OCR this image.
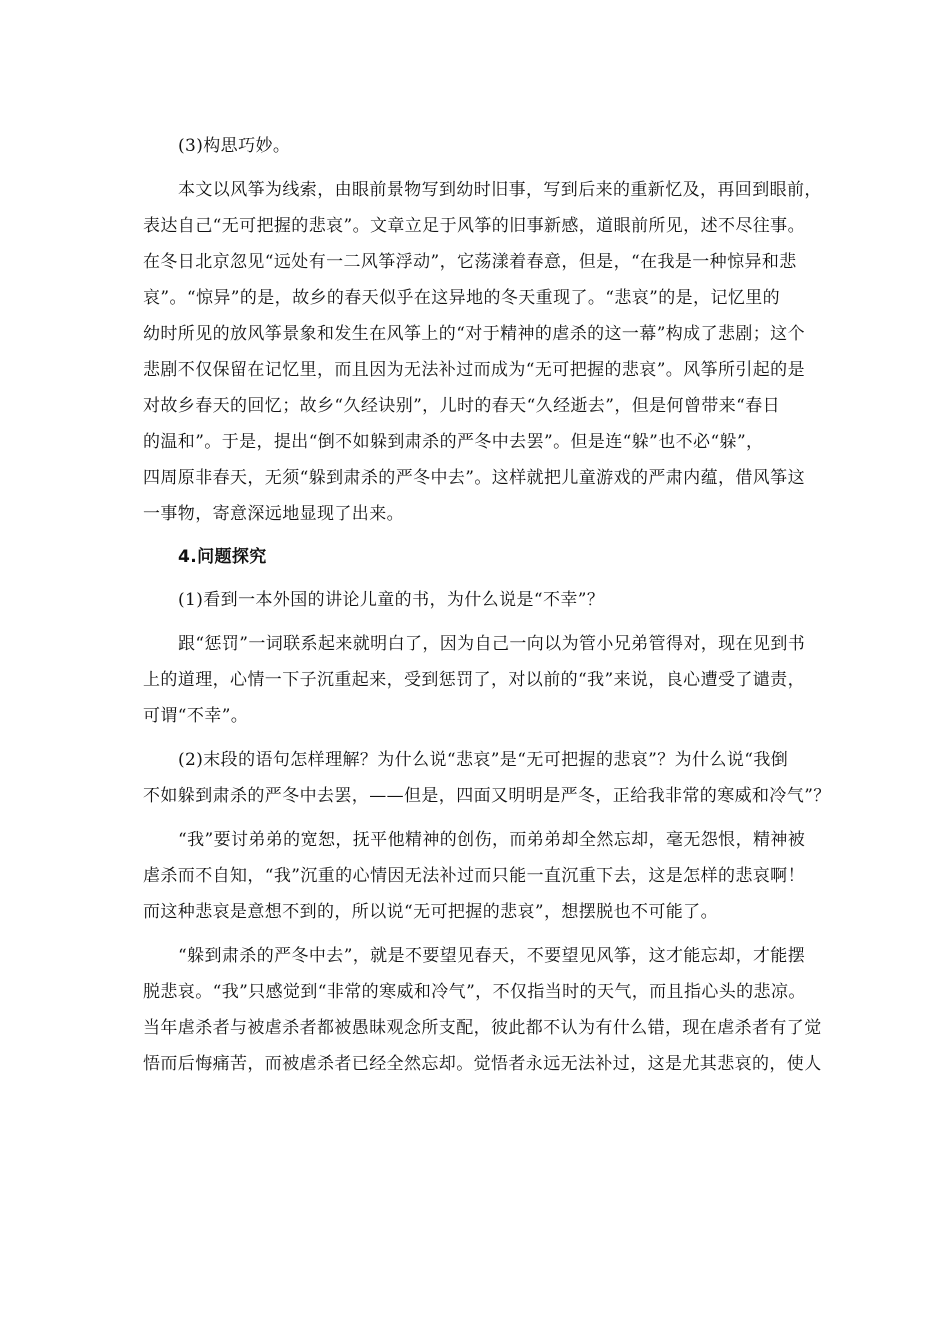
(3)构思巧妙。
本文以风筝为线索，由眼前景物写到幼时旧事，写到后来的重新忆及，再回到眼前，
表达自己“无可把握的悲哀”。文章立足于风筝的旧事新感，道眼前所见，述不尽往事。
在冬日北京忽见“远处有一二风筝浮动”，它荡漾着春意，但是，“在我是一种惊异和悲
哀”。“惊异”的是，故乡的春天似乎在这异地的冬天重现了。“悲哀”的是，记忆里的
幼时所见的放风筝景象和发生在风筝上的“对于精神的虐杀的这一幕”构成了悲剧；这个
悲剧不仅保留在记忆里，而且因为无法补过而成为“无可把握的悲哀”。风筝所引起的是
对故乡春天的回忆；故乡“久经诀别”，儿时的春天“久经逝去”，但是何曾带来“春日
的温和”。于是，提出“倒不如躲到肃杀的严冬中去罢”。但是连“躲”也不必“躲”，
四周原非春天，无须“躲到肃杀的严冬中去”。这样就把儿童游戏的严肃内蕴，借风筝这
一事物，寄意深远地显现了出来。
4.问题探究
(1)看到一本外国的讲论儿童的书，为什么说是“不幸”？
跟“惩罚”一词联系起来就明白了，因为自己一向以为管小兄弟管得对，现在见到书
上的道理，心情一下子沉重起来，受到惩罚了，对以前的“我”来说，良心遭受了谴责，
可谓“不幸”。
(2)末段的语句怎样理解？为什么说“悲哀”是“无可把握的悲哀”？为什么说“我倒
不如躲到肃杀的严冬中去罢，——但是，四面又明明是严冬，正给我非常的寒威和冷气”？
“我”要讨弟弟的宽恕，抚平他精神的创伤，而弟弟却全然忘却，毫无怨恨，精神被
虐杀而不自知，“我”沉重的心情因无法补过而只能一直沉重下去，这是怎样的悲哀啊！
而这种悲哀是意想不到的，所以说“无可把握的悲哀”，想摆脱也不可能了。
“躲到肃杀的严冬中去”，就是不要望见春天，不要望见风筝，这才能忘却，才能摆
脱悲哀。“我”只感觉到“非常的寒威和冷气”，不仅指当时的天气，而且指心头的悲凉。
当年虐杀者与被虐杀者都被愚昧观念所支配，彼此都不认为有什么错，现在虐杀者有了觉
悟而后悔痛苦，而被虐杀者已经全然忘却。觉悟者永远无法补过，这是尤其悲哀的，使人
